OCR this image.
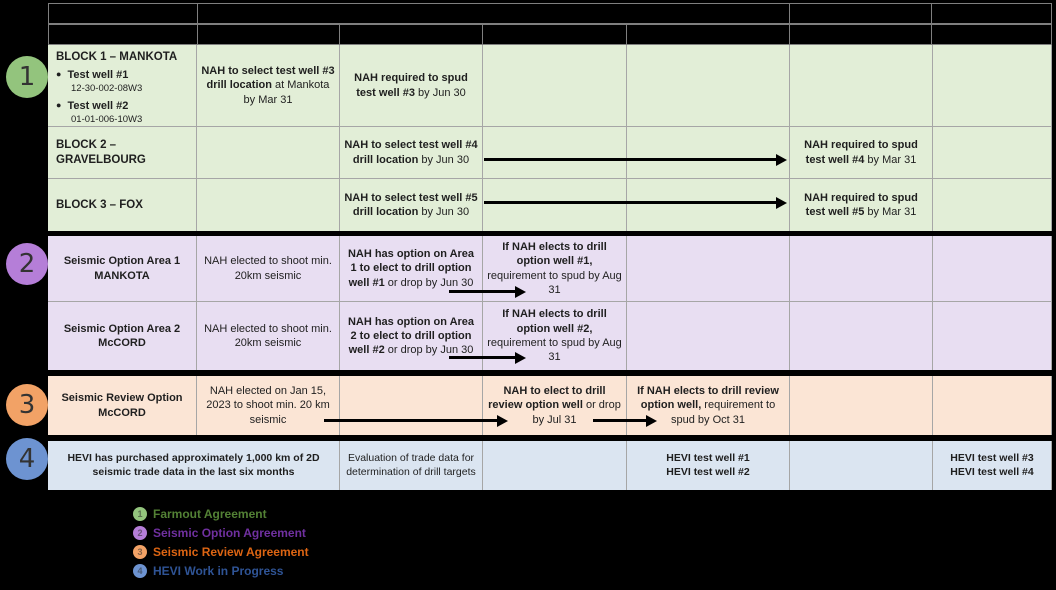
BLOCK 1 – MANKOTA
● Test well #1
12-30-002-08W3
● Test well #2
01-01-006-10W3
NAH to select test well #3 drill location at Mankota by Mar 31
NAH required to spud test well #3 by Jun 30
BLOCK 2 – GRAVELBOURG
NAH to select test well #4 drill location by Jun 30
NAH required to spud test well #4 by Mar 31
BLOCK 3 – FOX
NAH to select test well #5 drill location by Jun 30
NAH required to spud test well #5 by Mar 31
Seismic Option Area 1
MANKOTA
NAH elected to shoot min. 20km seismic
NAH has option on Area 1 to elect to drill option well #1 or drop by Jun 30
If NAH elects to drill option well #1, requirement to spud by Aug 31
Seismic Option Area 2
McCORD
NAH elected to shoot min. 20km seismic
NAH has option on Area 2 to elect to drill option well #2 or drop by Jun 30
If NAH elects to drill option well #2, requirement to spud by Aug 31
Seismic Review Option
McCORD
NAH elected on Jan 15, 2023 to shoot min. 20 km seismic
NAH to elect to drill review option well or drop by Jul 31
If NAH elects to drill review option well, requirement to spud by Oct 31
HEVI has purchased approximately 1,000 km of 2D seismic trade data in the last six months
Evaluation of trade data for determination of drill targets
HEVI test well #1
HEVI test well #2
HEVI test well #3
HEVI test well #4
1
2
3
4
1 Farmout Agreement
2 Seismic Option Agreement
3 Seismic Review Agreement
4 HEVI Work in Progress
